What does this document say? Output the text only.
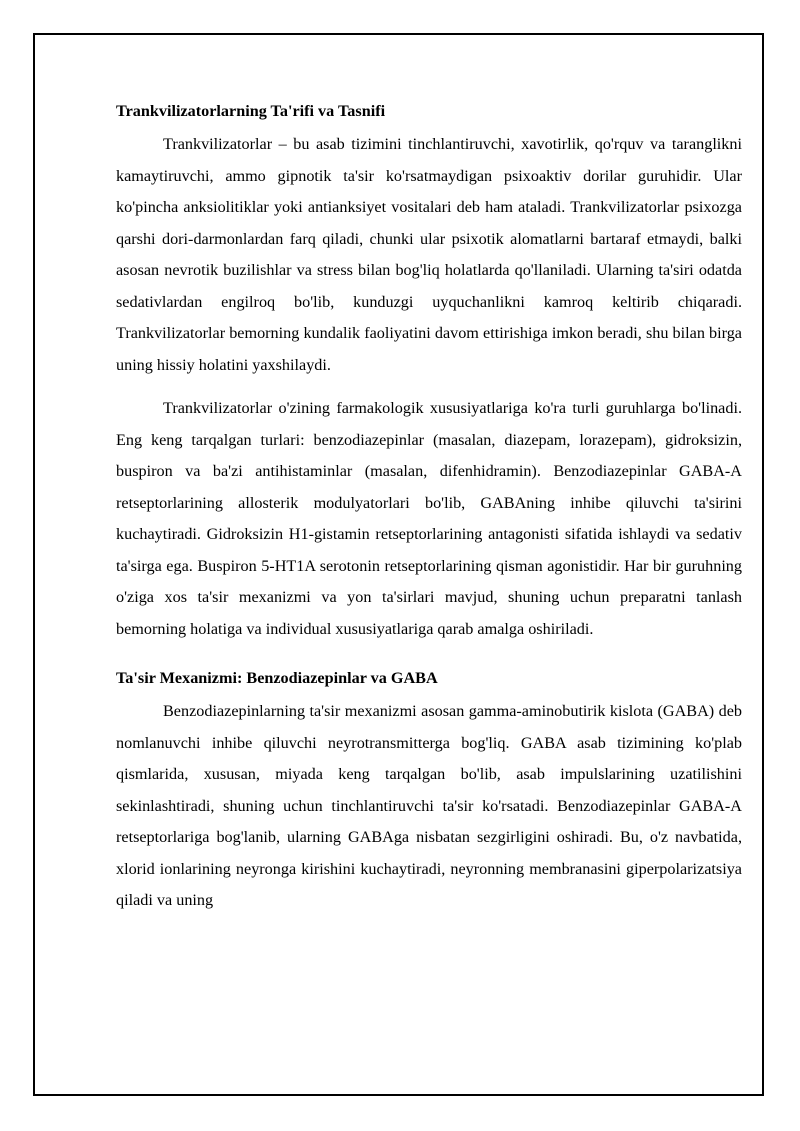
Trankvilizatorlarning Ta'rifi va Tasnifi

Trankvilizatorlar – bu asab tizimini tinchlantiruvchi, xavotirlik, qo'rquv va taranglikni kamaytiruvchi, ammo gipnotik ta'sir ko'rsatmaydigan psixoaktiv dorilar guruhidir. Ular ko'pincha anksiolitiklar yoki antianksiyet vositalari deb ham ataladi. Trankvilizatorlar psixozga qarshi dori-darmonlardan farq qiladi, chunki ular psixotik alomatlarni bartaraf etmaydi, balki asosan nevrotik buzilishlar va stress bilan bog'liq holatlarda qo'llaniladi. Ularning ta'siri odatda sedativlardan engilroq bo'lib, kunduzgi uyquchanlikni kamroq keltirib chiqaradi. Trankvilizatorlar bemorning kundalik faoliyatini davom ettirishiga imkon beradi, shu bilan birga uning hissiy holatini yaxshilaydi.

Trankvilizatorlar o'zining farmakologik xususiyatlariga ko'ra turli guruhlarga bo'linadi. Eng keng tarqalgan turlari: benzodiazepinlar (masalan, diazepam, lorazepam), gidroksizin, buspiron va ba'zi antihistaminlar (masalan, difenhidramin). Benzodiazepinlar GABA-A retseptorlarining allosterik modulyatorlari bo'lib, GABAning inhibe qiluvchi ta'sirini kuchaytiradi. Gidroksizin H1-gistamin retseptorlarining antagonisti sifatida ishlaydi va sedativ ta'sirga ega. Buspiron 5-HT1A serotonin retseptorlarining qisman agonistidir. Har bir guruhning o'ziga xos ta'sir mexanizmi va yon ta'sirlari mavjud, shuning uchun preparatni tanlash bemorning holatiga va individual xususiyatlariga qarab amalga oshiriladi.

Ta'sir Mexanizmi: Benzodiazepinlar va GABA

Benzodiazepinlarning ta'sir mexanizmi asosan gamma-aminobutirik kislota (GABA) deb nomlanuvchi inhibe qiluvchi neyrotransmitterga bog'liq. GABA asab tizimining ko'plab qismlarida, xususan, miyada keng tarqalgan bo'lib, asab impulslarining uzatilishini sekinlashtiradi, shuning uchun tinchlantiruvchi ta'sir ko'rsatadi. Benzodiazepinlar GABA-A retseptorlariga bog'lanib, ularning GABAga nisbatan sezgirligini oshiradi. Bu, o'z navbatida, xlorid ionlarining neyronga kirishini kuchaytiradi, neyronning membranasini giperpolarizatsiya qiladi va uning
